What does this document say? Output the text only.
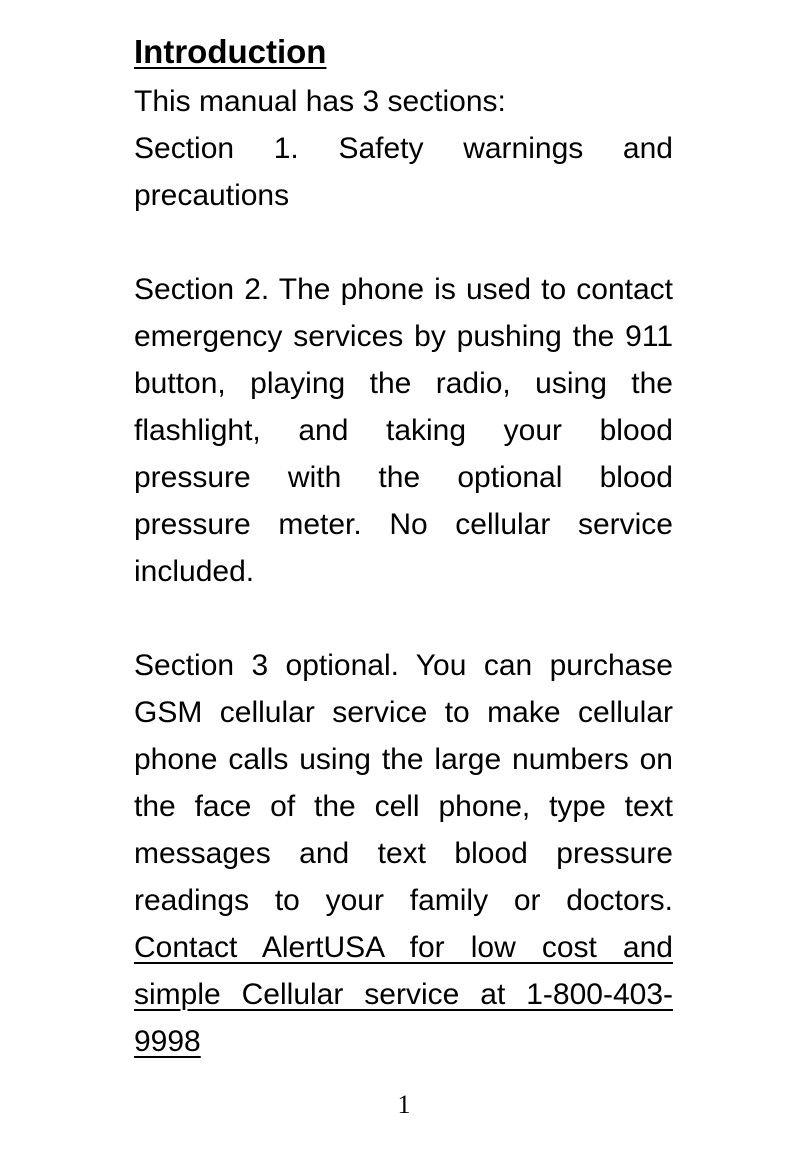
Introduction

This manual has 3 sections:

Section 1. Safety warnings and precautions

Section 2. The phone is used to contact emergency services by pushing the 911 button, playing the radio, using the flashlight, and taking your blood pressure with the optional blood pressure meter. No cellular service included.

Section 3 optional. You can purchase GSM cellular service to make cellular phone calls using the large numbers on the face of the cell phone, type text messages and text blood pressure readings to your family or doctors. Contact AlertUSA for low cost and simple Cellular service at 1-800-403-9998

1
